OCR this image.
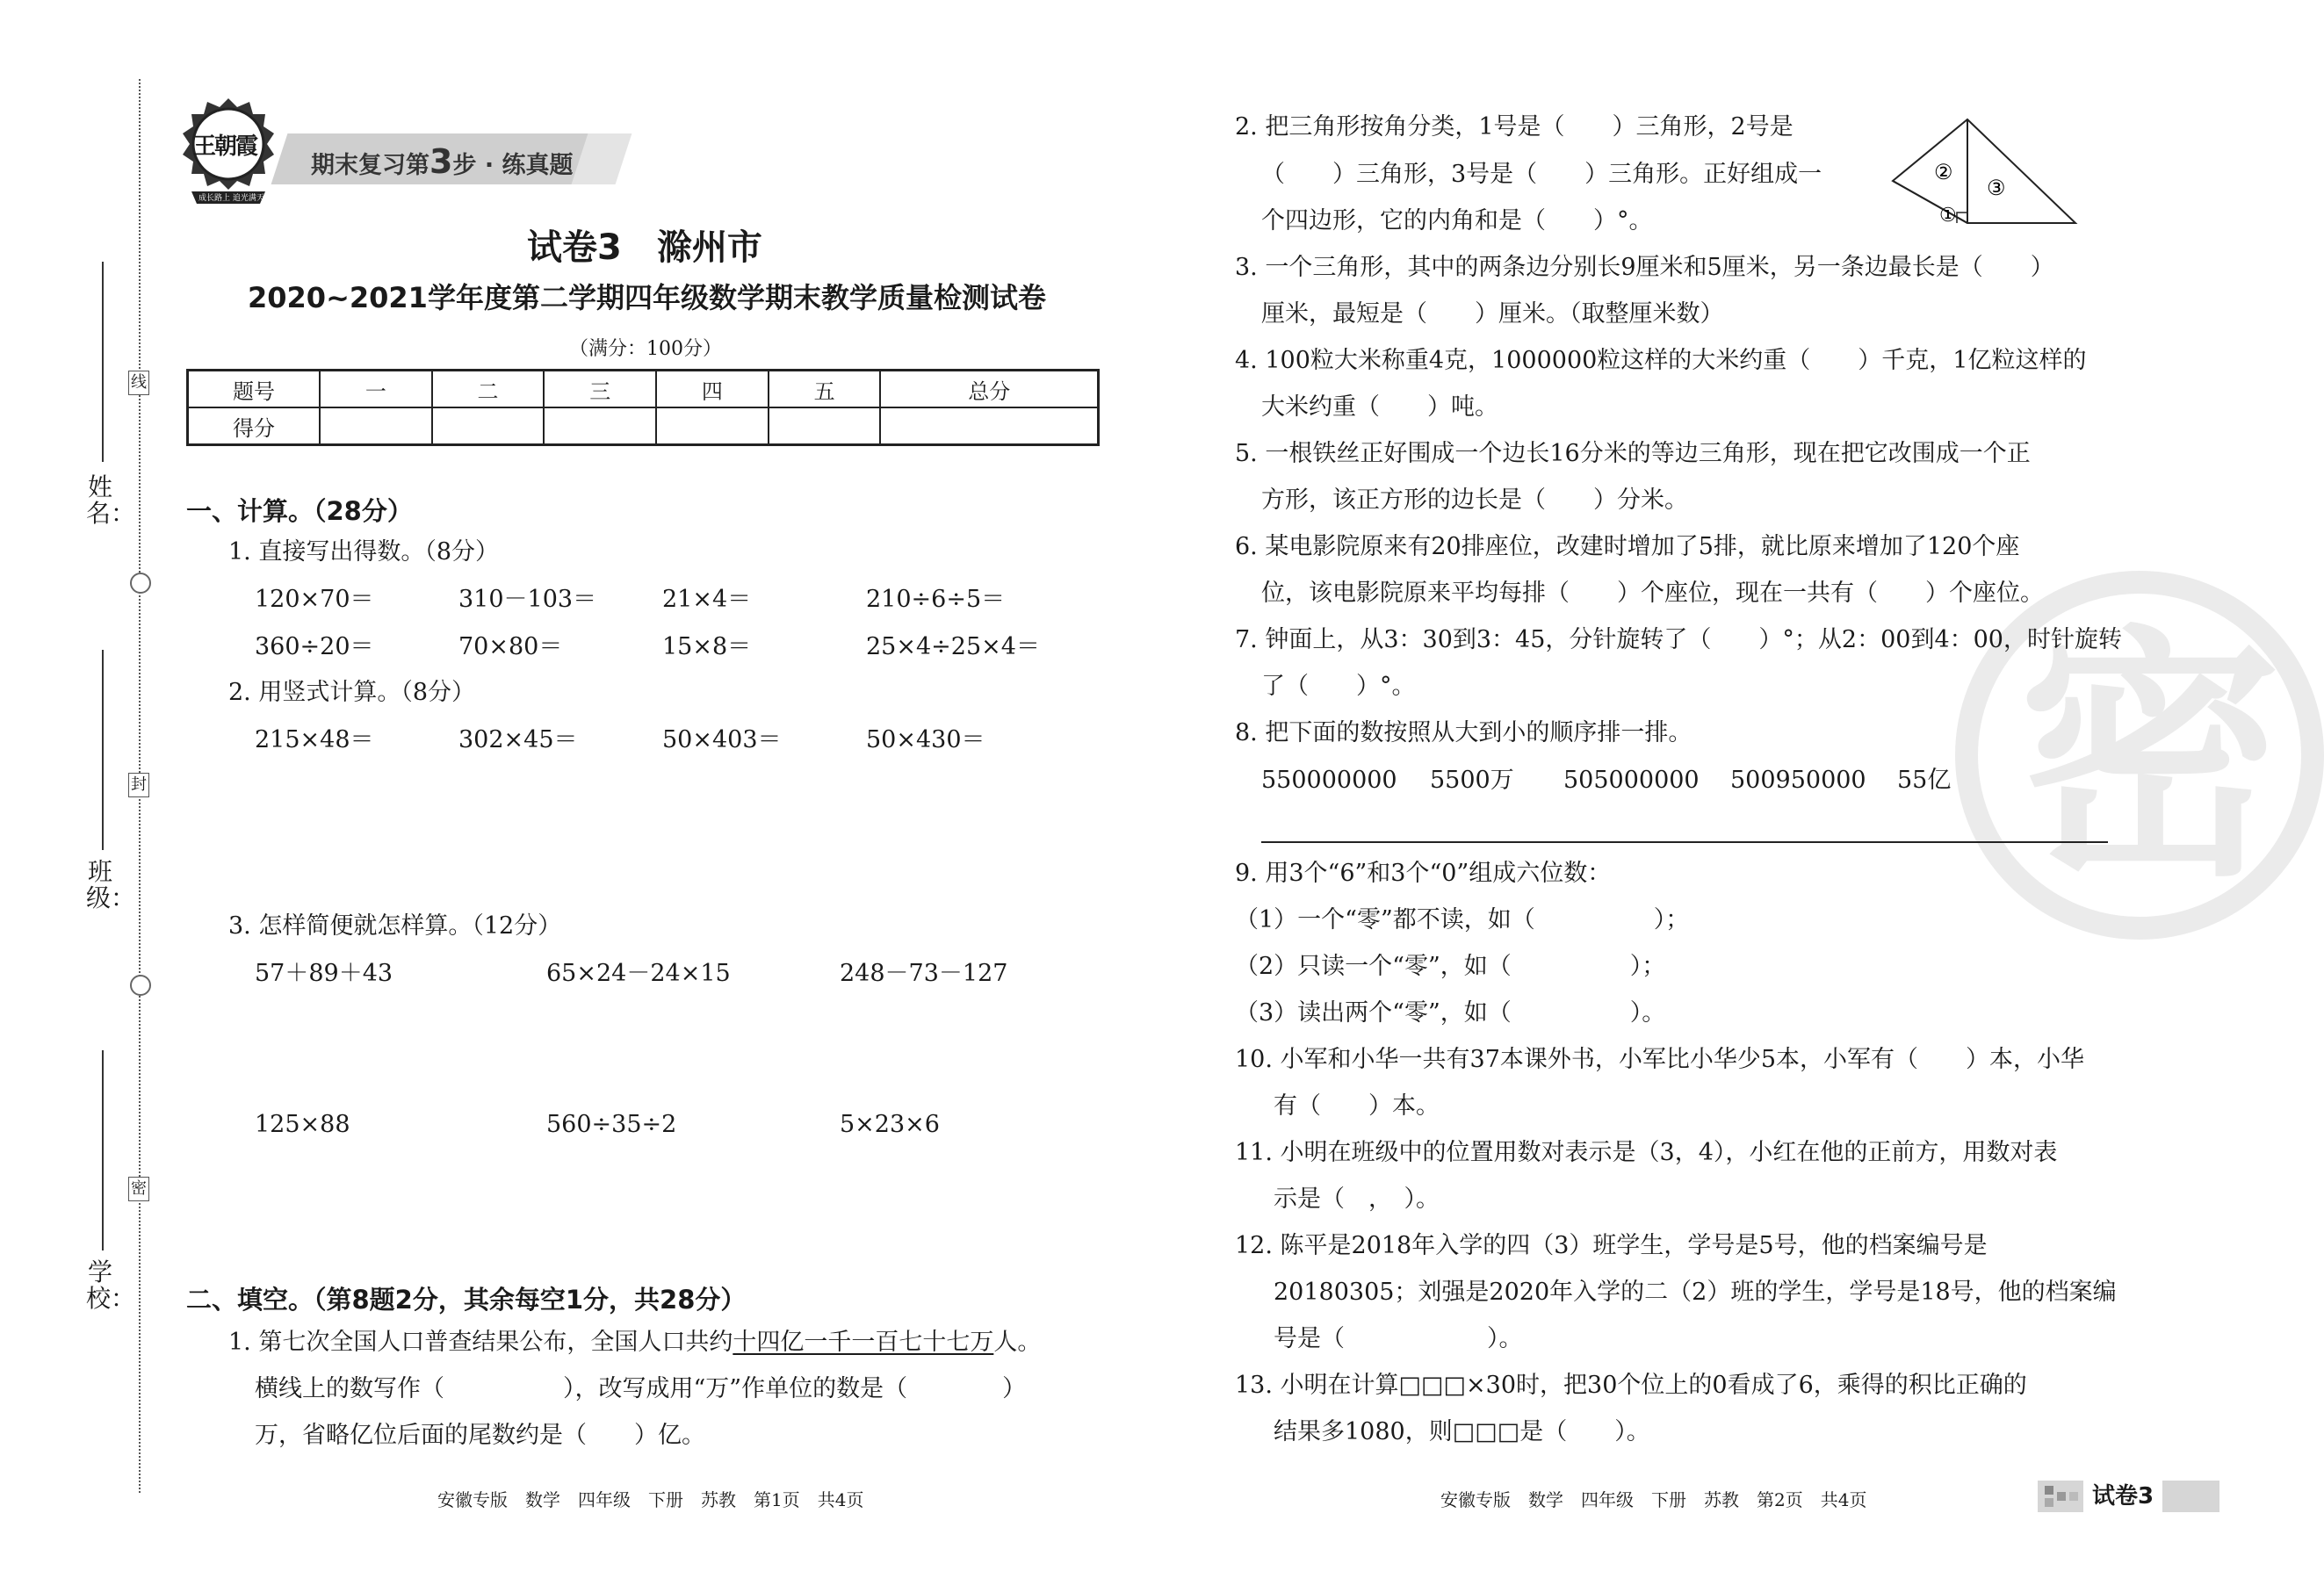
线
封
密
姓名：
班级：
学校：
王朝霞
成长路上 追光满天
期末复习第3步 · 练真题
试卷3　滁州市
2020~2021学年度第二学期四年级数学期末教学质量检测试卷
（满分：100分）
题号	一	二	三	四	五	总分
得分						
一、计算。（28分）
1. 直接写出得数。（8分）
120×70＝	310－103＝	21×4＝	210÷6÷5＝
360÷20＝	70×80＝	15×8＝	25×4÷25×4＝
2. 用竖式计算。（8分）
215×48＝	302×45＝	50×403＝	50×430＝
3. 怎样简便就怎样算。（12分）
57＋89＋43	65×24－24×15	248－73－127
125×88	560÷35÷2	5×23×6
二、填空。（第8题2分，其余每空1分，共28分）
1. 第七次全国人口普查结果公布，全国人口共约十四亿一千一百七十七万人。
横线上的数写作（　　　　　），改写成用“万”作单位的数是（　　　　）
万，省略亿位后面的尾数约是（　　）亿。
安徽专版　数学　四年级　下册　苏教　第1页　共4页
密
2. 把三角形按角分类，1号是（　　）三角形，2号是
（　　）三角形，3号是（　　）三角形。正好组成一
个四边形，它的内角和是（　　）°。	①
②
③
3. 一个三角形，其中的两条边分别长9厘米和5厘米，另一条边最长是（　　）
厘米，最短是（　　）厘米。（取整厘米数）
4. 100粒大米称重4克，1000000粒这样的大米约重（　　）千克，1亿粒这样的
大米约重（　　）吨。
5. 一根铁丝正好围成一个边长16分米的等边三角形，现在把它改围成一个正
方形，该正方形的边长是（　　）分米。
6. 某电影院原来有20排座位，改建时增加了5排，就比原来增加了120个座
位，该电影院原来平均每排（　　）个座位，现在一共有（　　）个座位。
7. 钟面上，从3：30到3：45，分针旋转了（　　）°；从2：00到4：00，时针旋转
了（　　）°。
8. 把下面的数按照从大到小的顺序排一排。
550000000 5500万 505000000 500950000 55亿
9. 用3个“6”和3个“0”组成六位数：
（1）一个“零”都不读，如（　　　　　）；
（2）只读一个“零”，如（　　　　　）；
（3）读出两个“零”，如（　　　　　）。
10. 小军和小华一共有37本课外书，小军比小华少5本，小军有（　　）本，小华
有（　　）本。
11. 小明在班级中的位置用数对表示是（3，4），小红在他的正前方，用数对表
示是（　，　）。
12. 陈平是2018年入学的四（3）班学生，学号是5号，他的档案编号是
20180305；刘强是2020年入学的二（2）班的学生，学号是18号，他的档案编
号是（　　　　　　）。
13. 小明在计算□□□×30时，把30个位上的0看成了6，乘得的积比正确的
结果多1080，则□□□是（　　）。
安徽专版　数学　四年级　下册　苏教　第2页　共4页	试卷3
